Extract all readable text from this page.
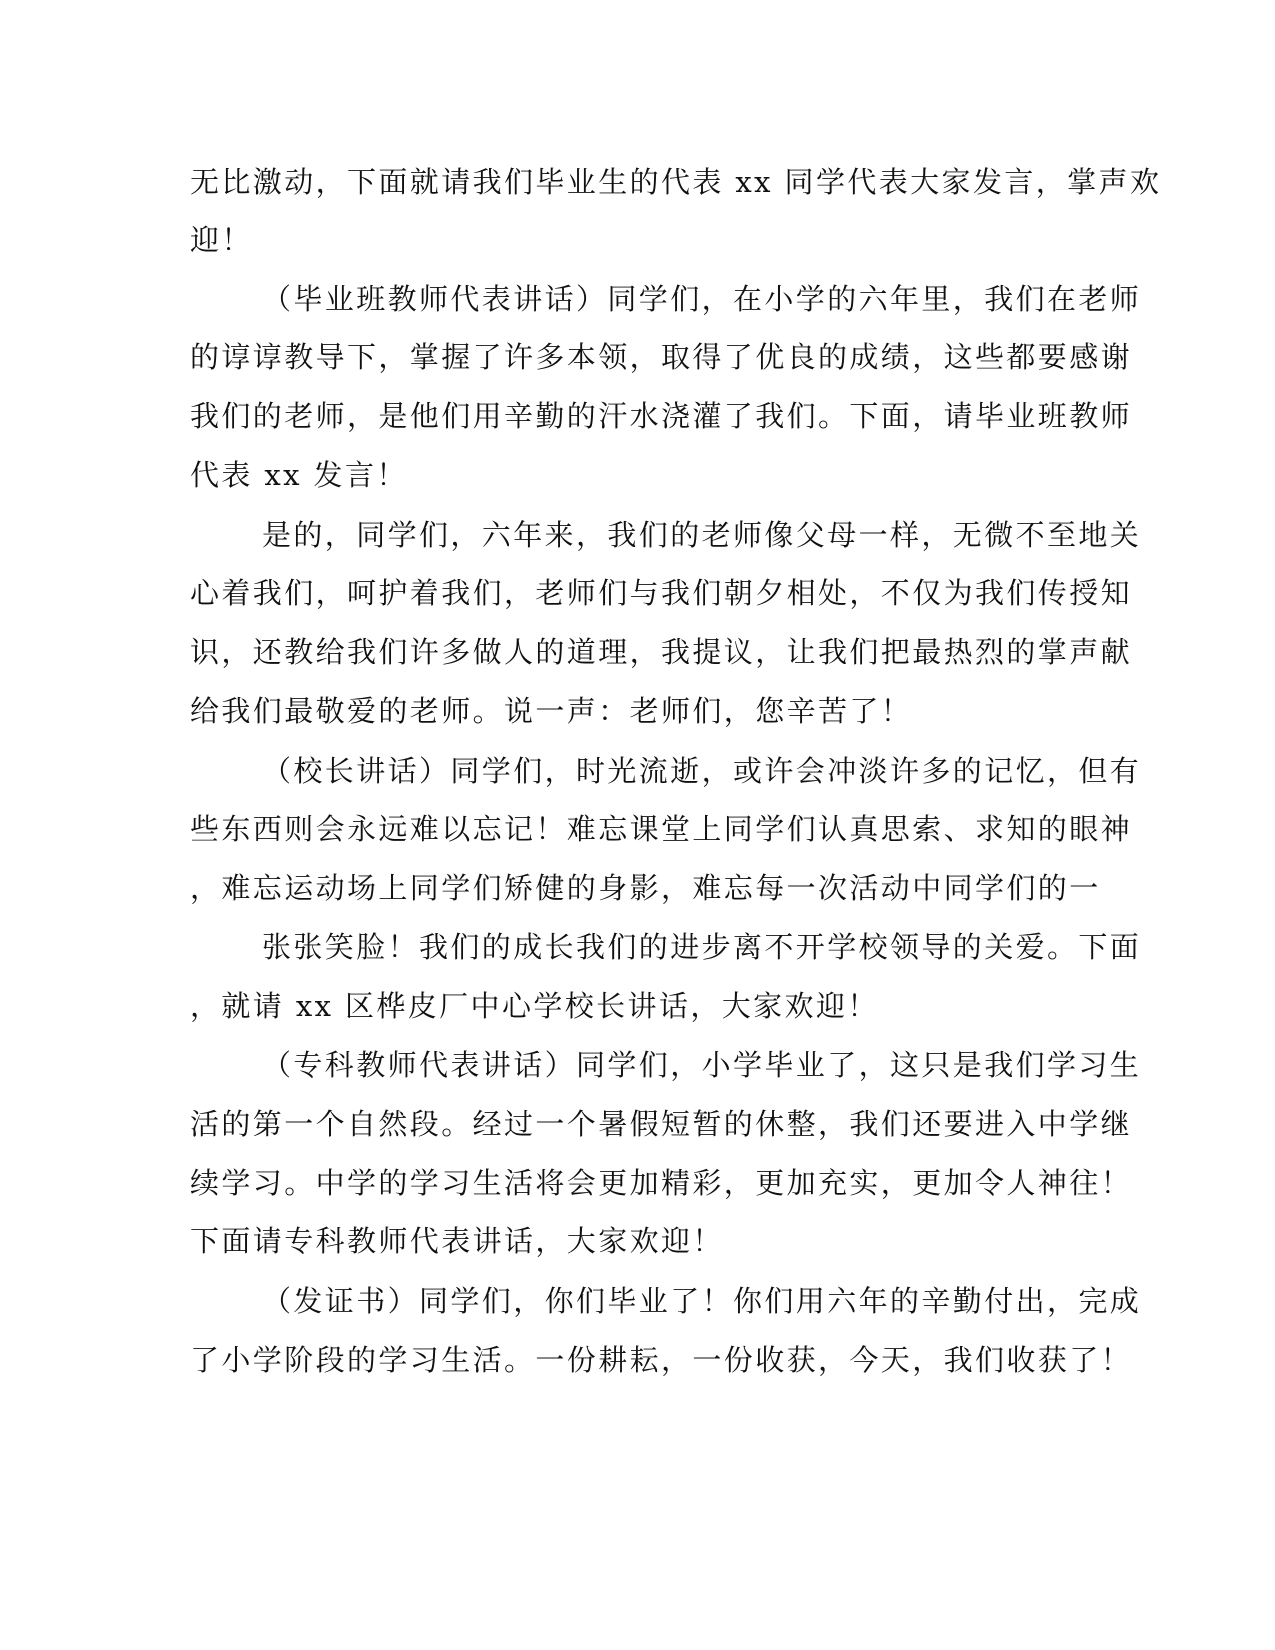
无比激动，下面就请我们毕业生的代表 xx 同学代表大家发言，掌声欢
迎！
（毕业班教师代表讲话）同学们，在小学的六年里，我们在老师
的谆谆教导下，掌握了许多本领，取得了优良的成绩，这些都要感谢
我们的老师，是他们用辛勤的汗水浇灌了我们。下面，请毕业班教师
代表 xx 发言！
是的，同学们，六年来，我们的老师像父母一样，无微不至地关
心着我们，呵护着我们，老师们与我们朝夕相处，不仅为我们传授知
识，还教给我们许多做人的道理，我提议，让我们把最热烈的掌声献
给我们最敬爱的老师。说一声：老师们，您辛苦了！
（校长讲话）同学们，时光流逝，或许会冲淡许多的记忆，但有
些东西则会永远难以忘记！难忘课堂上同学们认真思索、求知的眼神
，难忘运动场上同学们矫健的身影，难忘每一次活动中同学们的一
张张笑脸！我们的成长我们的进步离不开学校领导的关爱。下面
，就请 xx 区桦皮厂中心学校长讲话，大家欢迎！
（专科教师代表讲话）同学们，小学毕业了，这只是我们学习生
活的第一个自然段。经过一个暑假短暂的休整，我们还要进入中学继
续学习。中学的学习生活将会更加精彩，更加充实，更加令人神往！
下面请专科教师代表讲话，大家欢迎！
（发证书）同学们，你们毕业了！你们用六年的辛勤付出，完成
了小学阶段的学习生活。一份耕耘，一份收获，今天，我们收获了！
